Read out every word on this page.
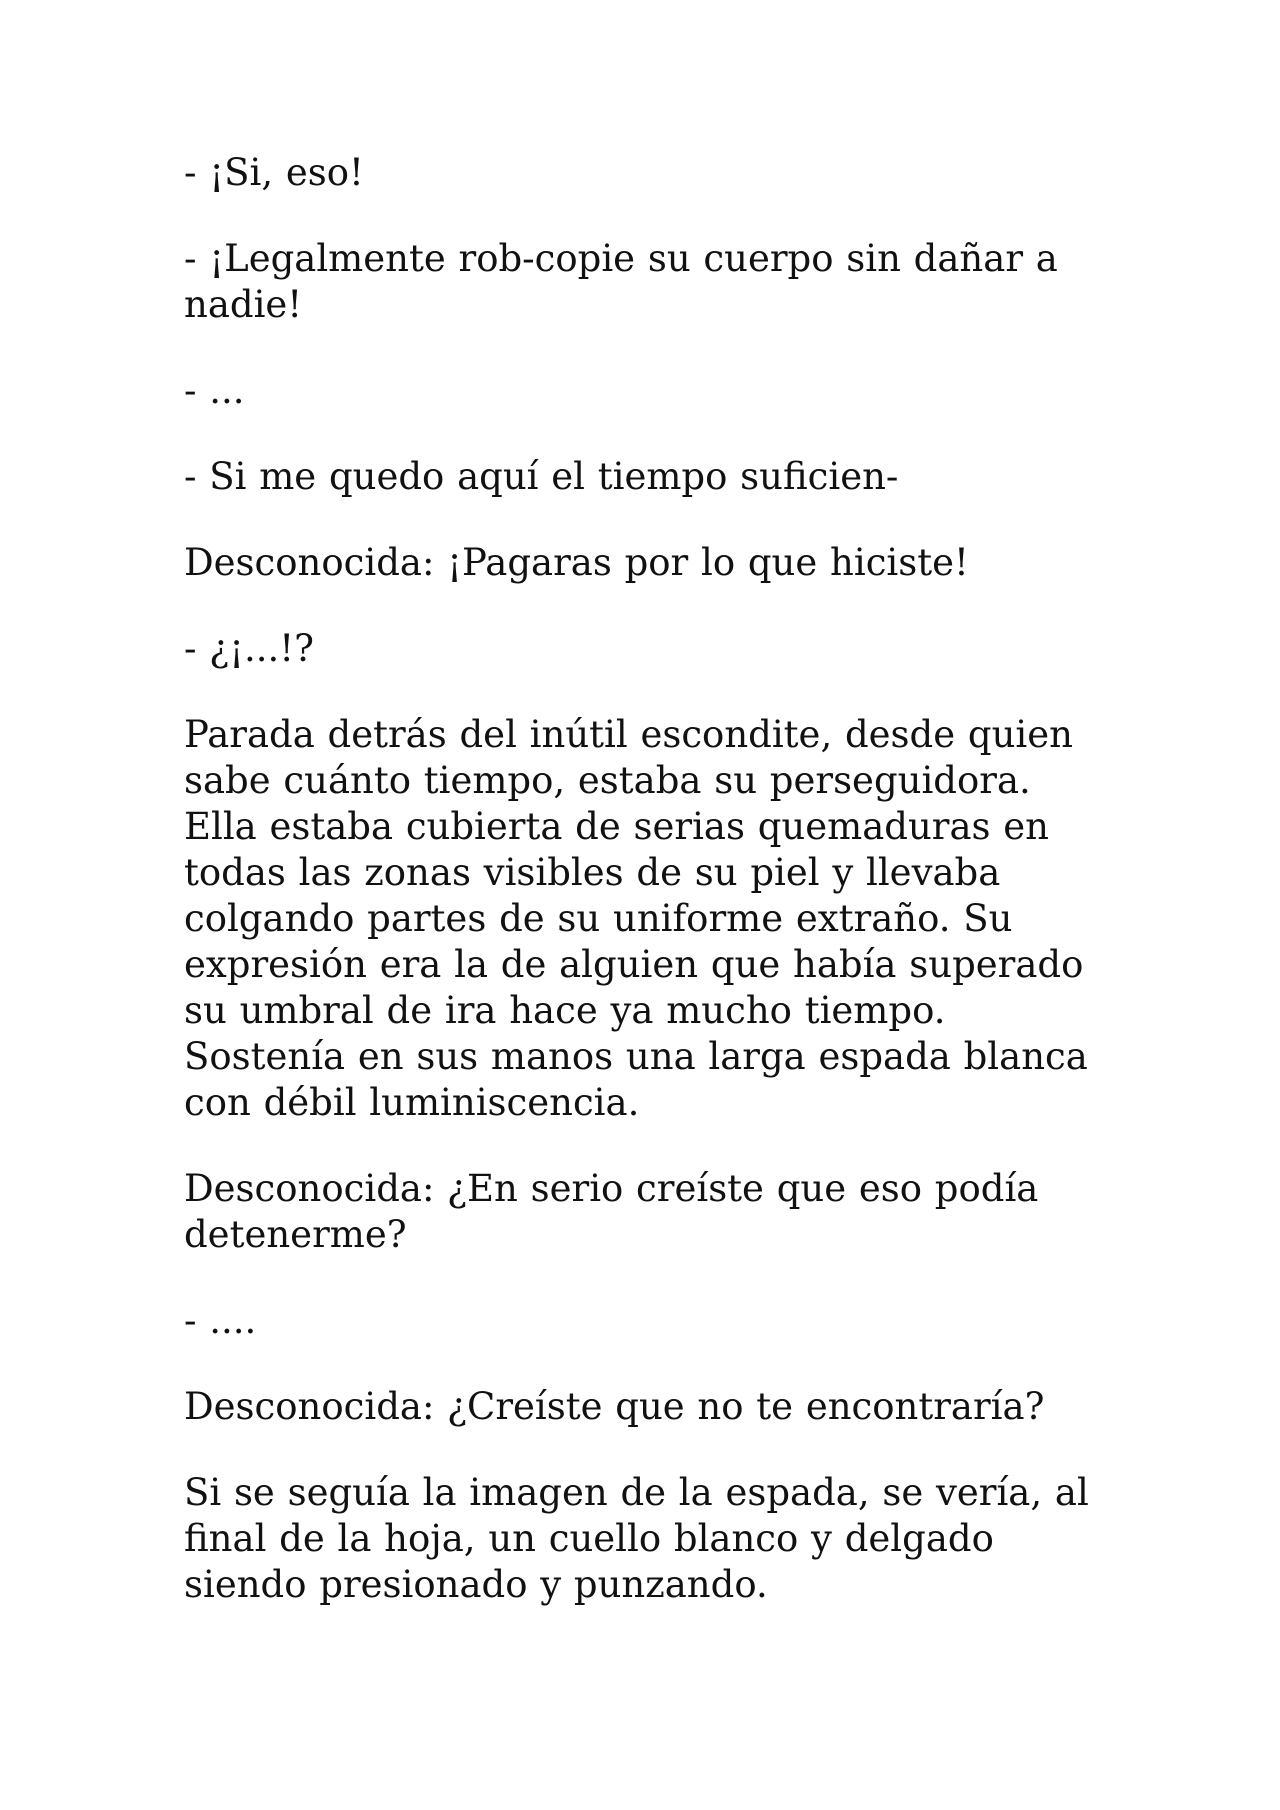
- ¡Si, eso!

- ¡Legalmente rob-copie su cuerpo sin dañar a nadie!

- ...

- Si me quedo aquí el tiempo suficien-

Desconocida: ¡Pagaras por lo que hiciste!

- ¿¡...!?

Parada detrás del inútil escondite, desde quien sabe cuánto tiempo, estaba su perseguidora. Ella estaba cubierta de serias quemaduras en todas las zonas visibles de su piel y llevaba colgando partes de su uniforme extraño. Su expresión era la de alguien que había superado su umbral de ira hace ya mucho tiempo. Sostenía en sus manos una larga espada blanca con débil luminiscencia.

Desconocida: ¿En serio creíste que eso podía detenerme?

- ....

Desconocida: ¿Creíste que no te encontraría?

Si se seguía la imagen de la espada, se vería, al final de la hoja, un cuello blanco y delgado siendo presionado y punzando.
